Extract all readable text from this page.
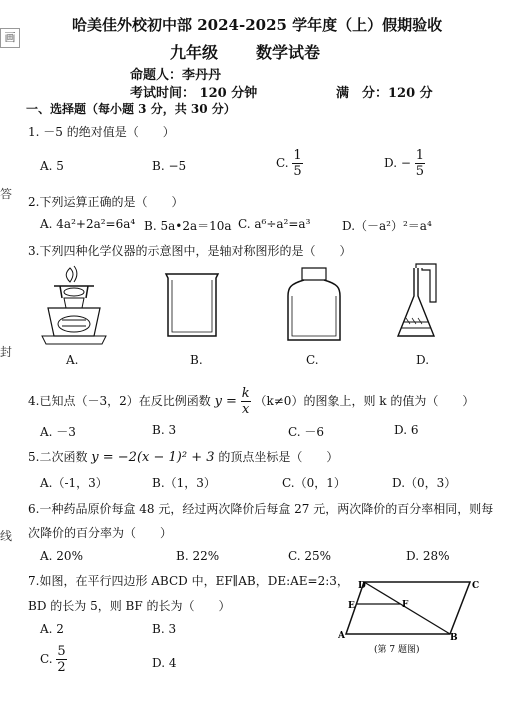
画
答
封
线
哈美佳外校初中部 2024-2025 学年度（上）假期验收
九年级 数学试卷
命题人：李丹丹
考试时间： 120 分钟	满　分：120 分
一、选择题（每小题 3 分，共 30 分）
1. －5 的绝对值是（　　）
A. 5	B. −5	C. $\frac{1}{5}$	D. − $\frac{1}{5}$
2.下列运算正确的是（　　）
A. 4a²+2a²=6a⁴ B. 5a•2a＝10a C. a⁶÷a²=a³	D.（－a²）²＝a⁴
3.下列四种化学仪器的示意图中，是轴对称图形的是（　　）
A.	B.	C.	D.
4.已知点（－3，2）在反比例函数 $y = \frac{k}{x} (k\ne 0)$的图象上，则 k 的值为（　　）
A. －3	B. 3	C. －6	D. 6
5.二次函数 y = −2(x − 1)² + 3 的顶点坐标是（　　）
A.（-1，3）	B.（1，3）	C.（0，1）	D.（0，3）
6.一种药品原价每盒 48 元，经过两次降价后每盒 27 元，两次降价的百分率相同，则每
次降价的百分率为（　　）
A. 20%	B. 22%	C. 25%	D. 28%
7.如图，在平行四边形 ABCD 中，EF∥AB，DE:AE=2:3，
BD 的长为 5，则 BF 的长为（　　）
A. 2	B. 3
C. $\frac{5}{2}$	D. 4
D	C
E	F
A	B
(第 7 题图)
